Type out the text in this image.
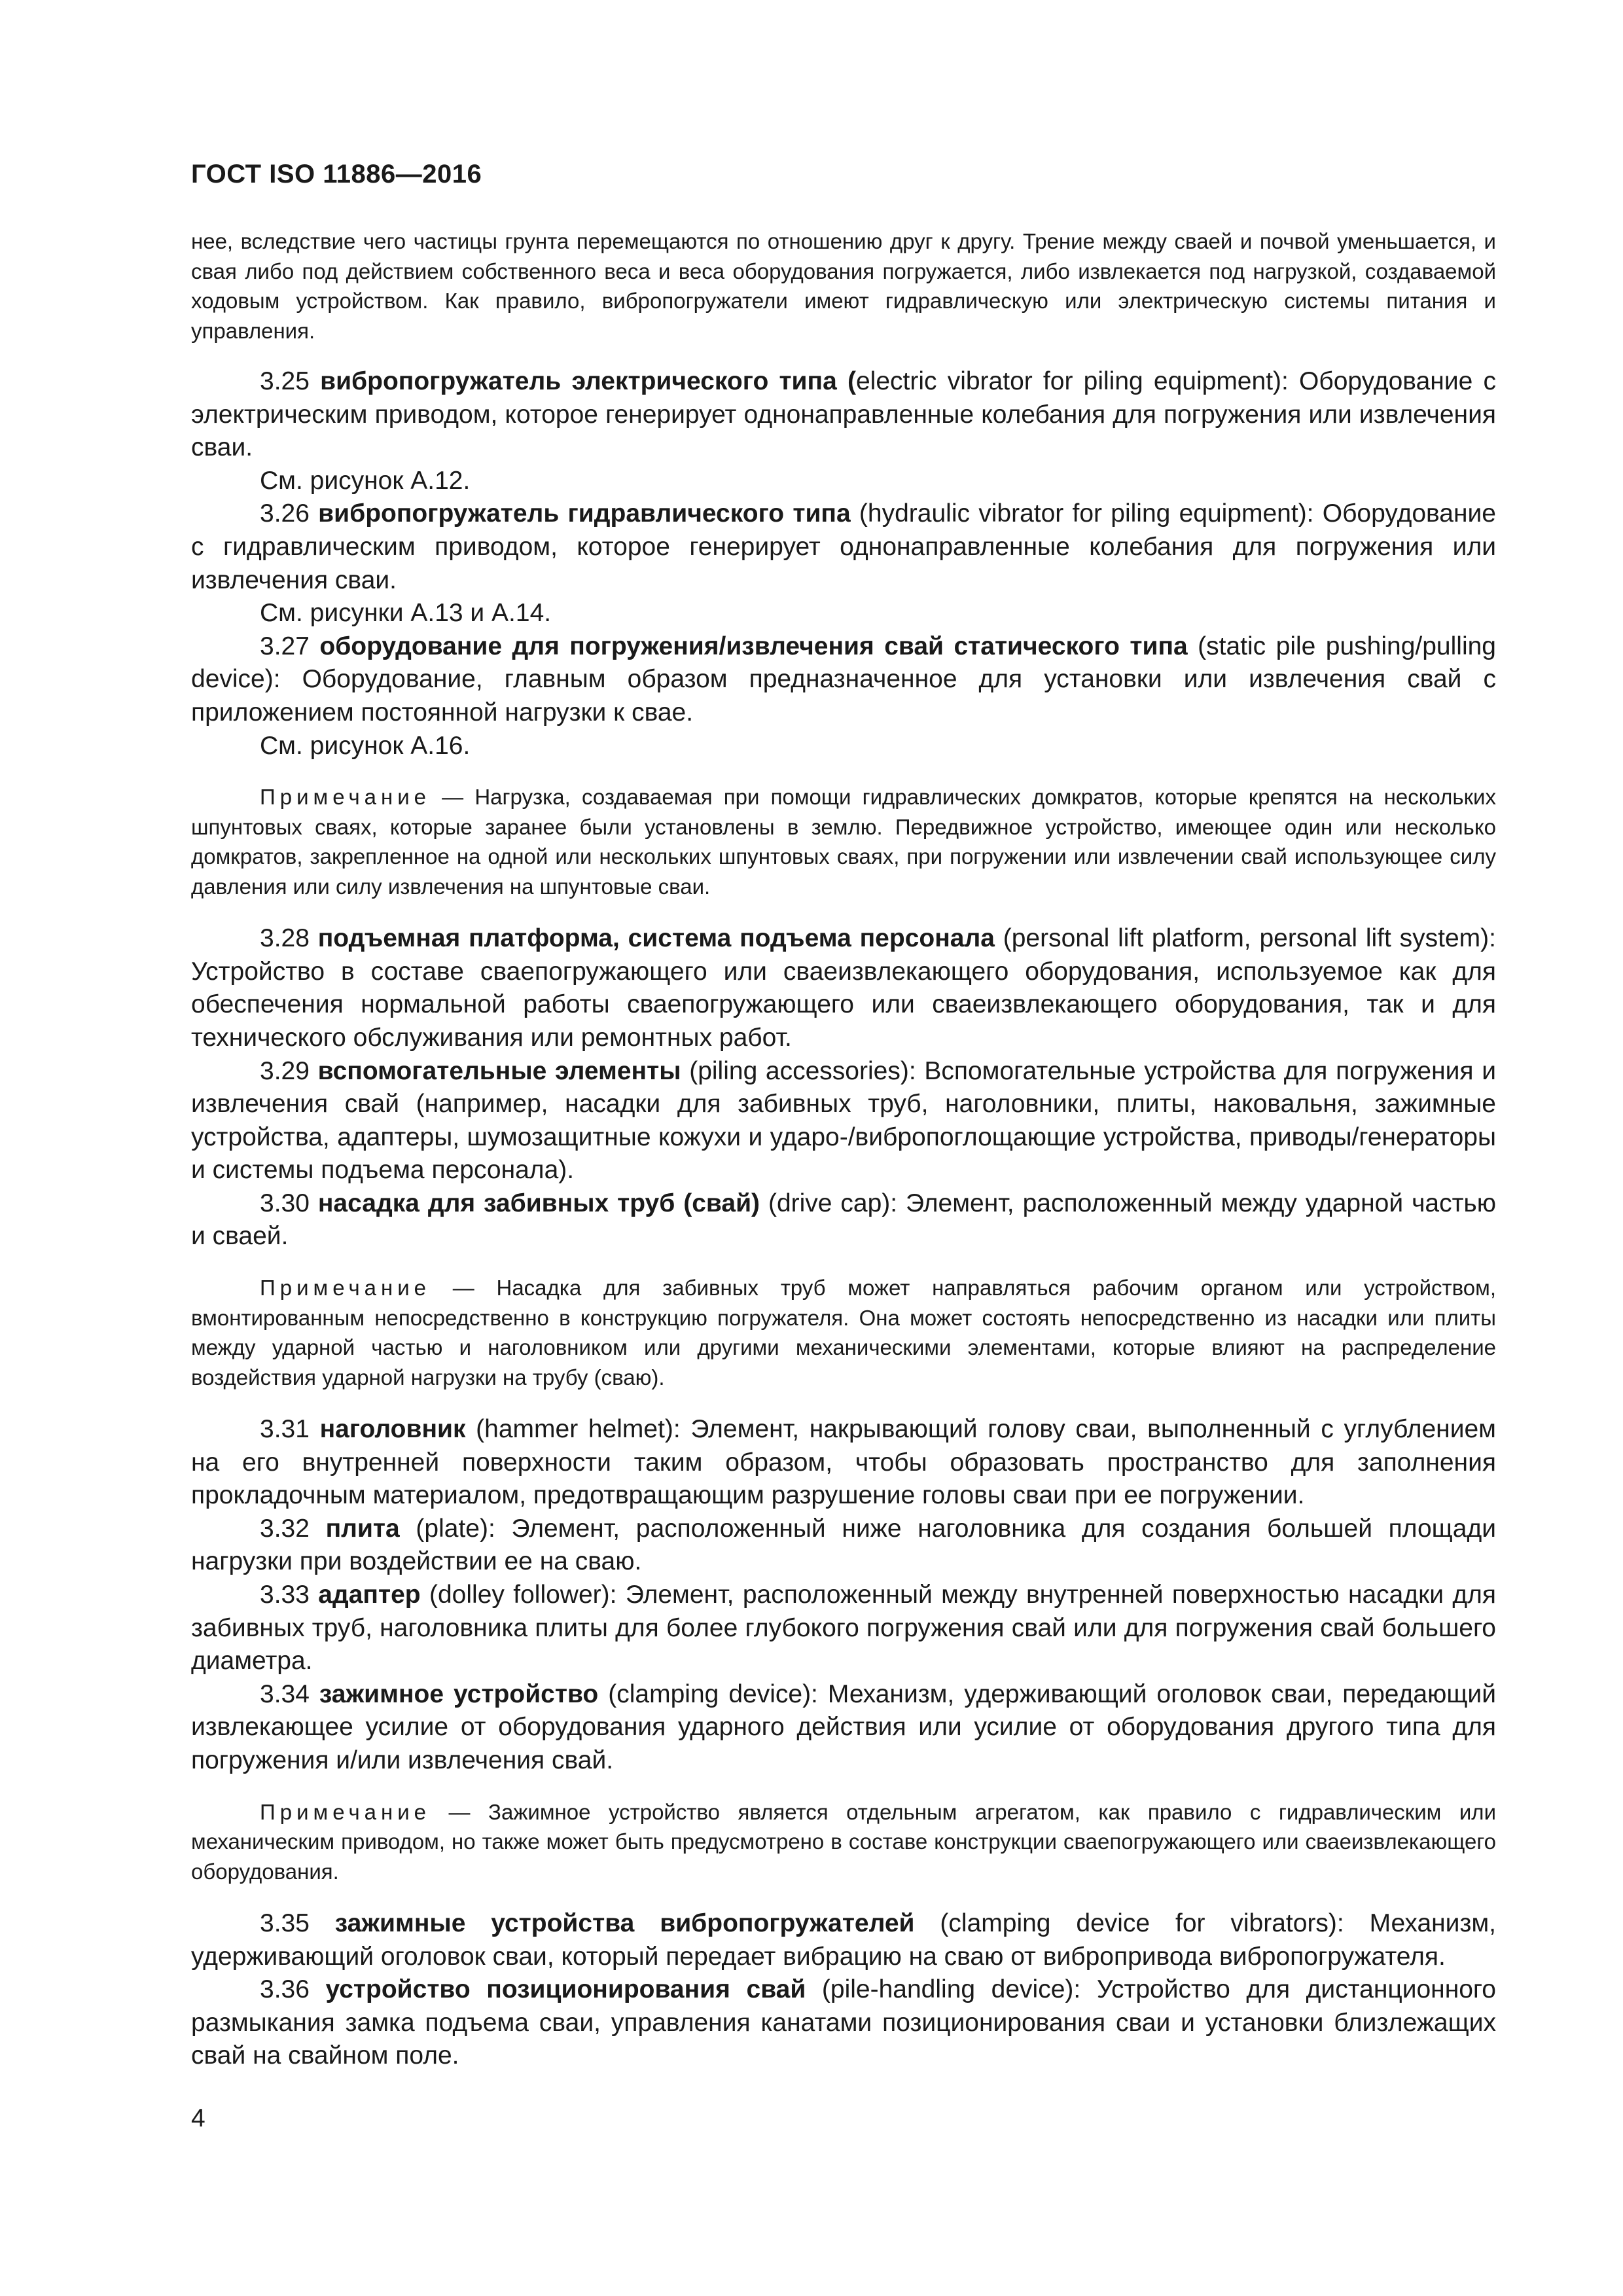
ГОСТ ISO 11886—2016

нее, вследствие чего частицы грунта перемещаются по отношению друг к другу. Трение между сваей и почвой уменьшается, и свая либо под действием собственного веса и веса оборудования погружается, либо извлекается под нагрузкой, создаваемой ходовым устройством. Как правило, вибропогружатели имеют гидравлическую или электрическую системы питания и управления.

3.25 вибропогружатель электрического типа (electric vibrator for piling equipment): Оборудование с электрическим приводом, которое генерирует однонаправленные колебания для погружения или извлечения сваи.

См. рисунок А.12.

3.26 вибропогружатель гидравлического типа (hydraulic vibrator for piling equipment): Оборудование с гидравлическим приводом, которое генерирует однонаправленные колебания для погружения или извлечения сваи.

См. рисунки А.13 и А.14.

3.27 оборудование для погружения/извлечения свай статического типа (static pile pushing/pulling device): Оборудование, главным образом предназначенное для установки или извлечения свай с приложением постоянной нагрузки к свае.

См. рисунок А.16.

Примечание — Нагрузка, создаваемая при помощи гидравлических домкратов, которые крепятся на нескольких шпунтовых сваях, которые заранее были установлены в землю. Передвижное устройство, имеющее один или несколько домкратов, закрепленное на одной или нескольких шпунтовых сваях, при погружении или извлечении свай использующее силу давления или силу извлечения на шпунтовые сваи.

3.28 подъемная платформа, система подъема персонала (personal lift platform, personal lift system): Устройство в составе сваепогружающего или сваеизвлекающего оборудования, используемое как для обеспечения нормальной работы сваепогружающего или сваеизвлекающего оборудования, так и для технического обслуживания или ремонтных работ.

3.29 вспомогательные элементы (piling accessories): Вспомогательные устройства для погружения и извлечения свай (например, насадки для забивных труб, наголовники, плиты, наковальня, зажимные устройства, адаптеры, шумозащитные кожухи и ударо-/вибропоглощающие устройства, приводы/генераторы и системы подъема персонала).

3.30 насадка для забивных труб (свай) (drive cap): Элемент, расположенный между ударной частью и сваей.

Примечание — Насадка для забивных труб может направляться рабочим органом или устройством, вмонтированным непосредственно в конструкцию погружателя. Она может состоять непосредственно из насадки или плиты между ударной частью и наголовником или другими механическими элементами, которые влияют на распределение воздействия ударной нагрузки на трубу (сваю).

3.31 наголовник (hammer helmet): Элемент, накрывающий голову сваи, выполненный с углублением на его внутренней поверхности таким образом, чтобы образовать пространство для заполнения прокладочным материалом, предотвращающим разрушение головы сваи при ее погружении.

3.32 плита (plate): Элемент, расположенный ниже наголовника для создания большей площади нагрузки при воздействии ее на сваю.

3.33 адаптер (dolley follower): Элемент, расположенный между внутренней поверхностью насадки для забивных труб, наголовника плиты для более глубокого погружения свай или для погружения свай большего диаметра.

3.34 зажимное устройство (clamping device): Механизм, удерживающий оголовок сваи, передающий извлекающее усилие от оборудования ударного действия или усилие от оборудования другого типа для погружения и/или извлечения свай.

Примечание — Зажимное устройство является отдельным агрегатом, как правило с гидравлическим или механическим приводом, но также может быть предусмотрено в составе конструкции сваепогружающего или сваеизвлекающего оборудования.

3.35 зажимные устройства вибропогружателей (clamping device for vibrators): Механизм, удерживающий оголовок сваи, который передает вибрацию на сваю от вибропривода вибропогружателя.

3.36 устройство позиционирования свай (pile-handling device): Устройство для дистанционного размыкания замка подъема сваи, управления канатами позиционирования сваи и установки близлежащих свай на свайном поле.

4
